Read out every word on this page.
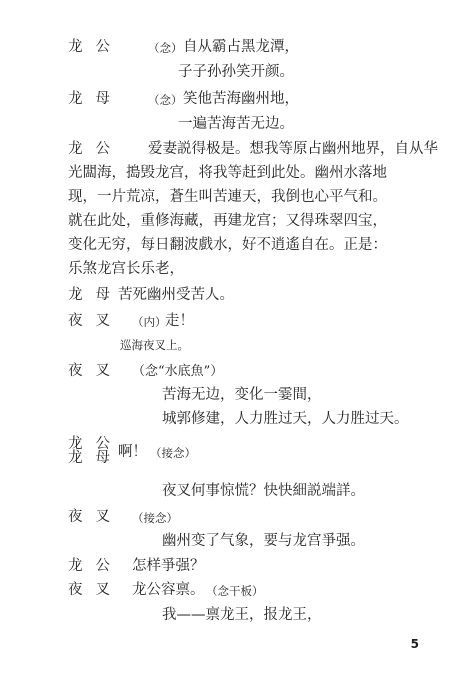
龙公 （念） 自从霸占黑龙潭，
子子孙孙笑开颜。
龙母 （念） 笑他苦海幽州地，
一遍苦海苦无边。
龙公 爱妻説得极是。想我等原占幽州地界，自从华
光闆海，搗毁龙宫，将我等赶到此处。幽州水落地
现，一片荒凉，蒼生叫苦連天，我倒也心平气和。
就在此处，重修海藏，再建龙宫；又得珠翠四宝，
变化无穷，每日翻波戲水，好不逍遙自在。正是：
乐煞龙宫长乐老，
龙母
苦死幽州受苦人。
夜叉 （内）
走！
巡海夜叉上。
夜叉 （念“水底魚”）
苦海无边，变化一霎間，
城郭修建，人力胜过天，人力胜过天。
龙公
龙母
啊！ （接念）
夜叉何事惊慌？快快細説端詳。
夜叉 （接念）
幽州变了气象，要与龙宫爭强。
龙公 怎样爭强？
夜叉 龙公容禀。 （念干板）
我——禀龙王，报龙王，
5
